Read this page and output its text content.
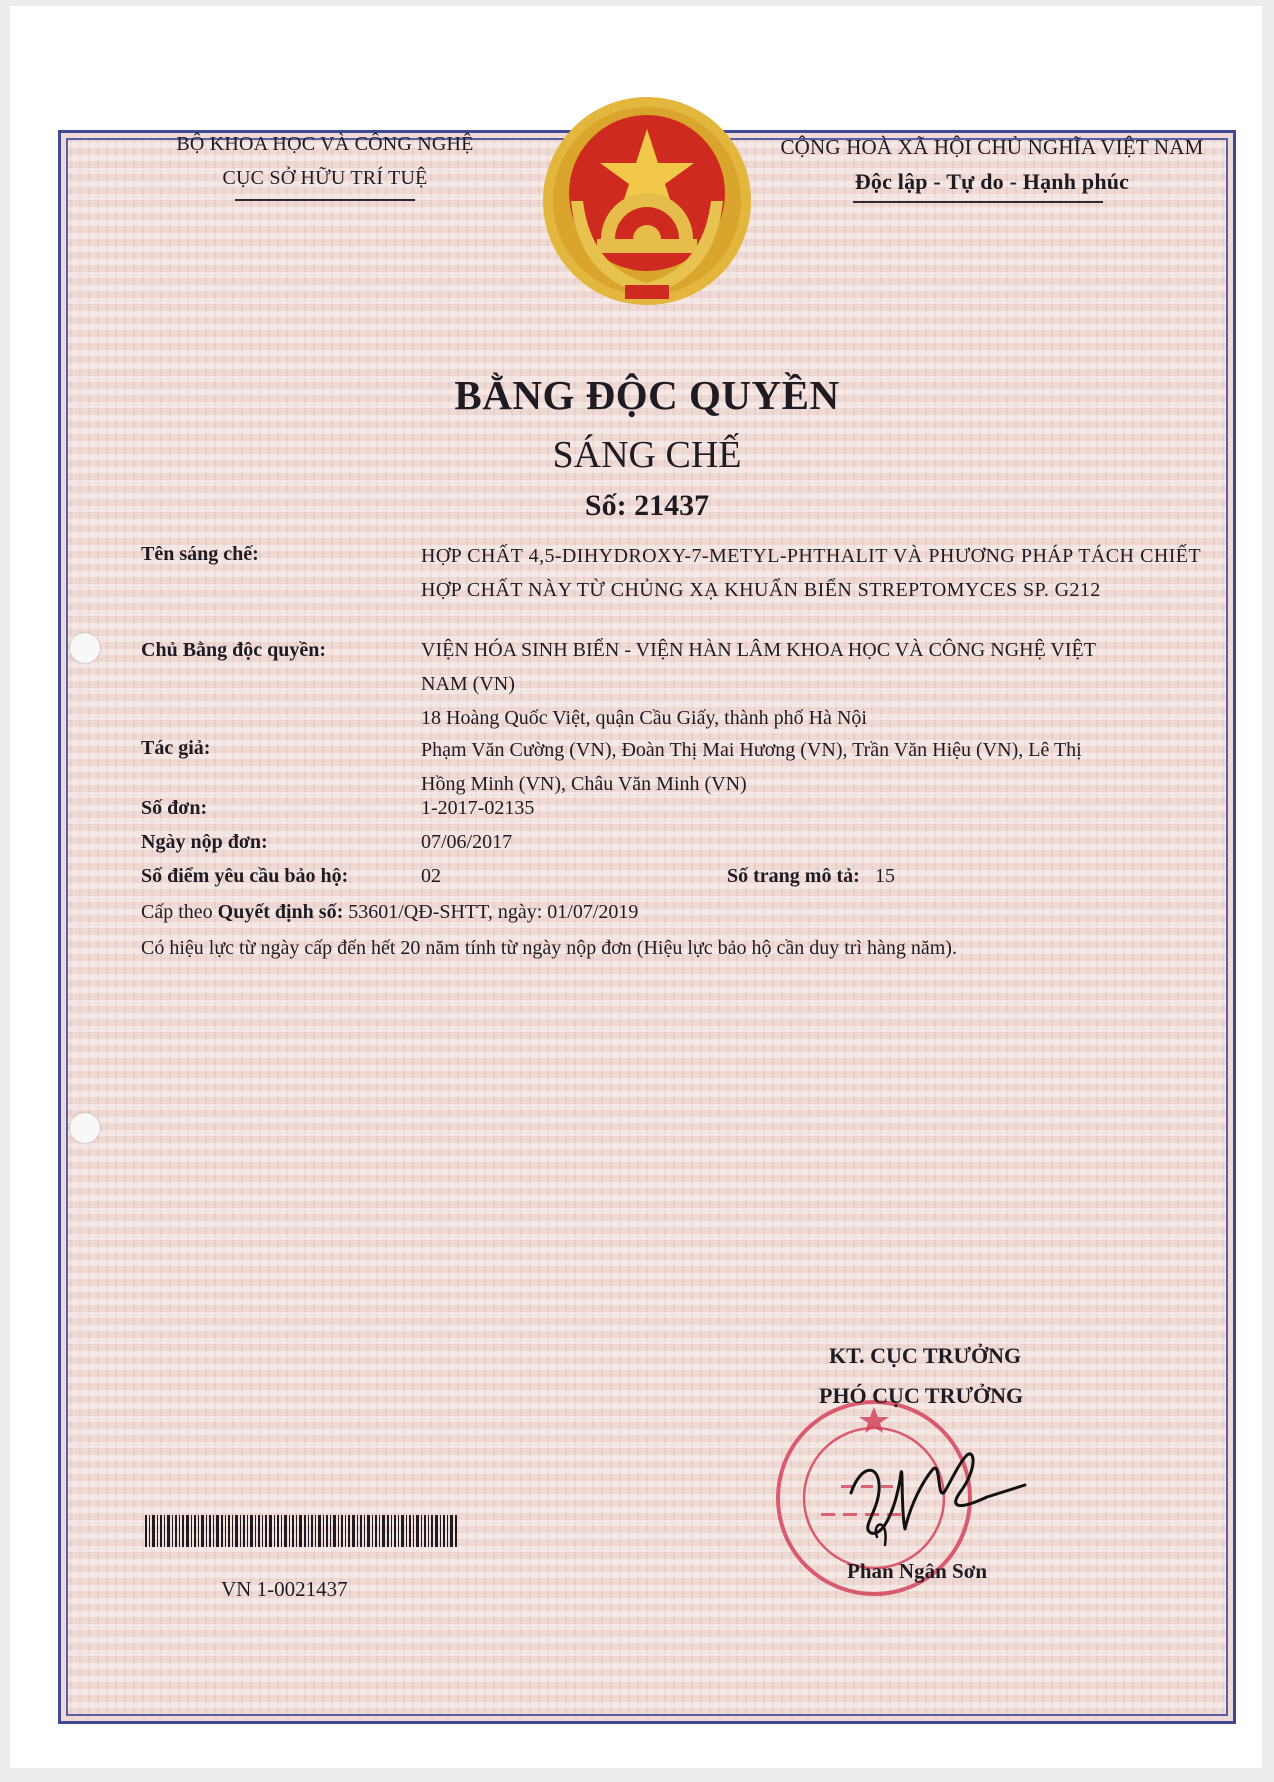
BỘ KHOA HỌC VÀ CÔNG NGHỆ
CỤC SỞ HỮU TRÍ TUỆ
CỘNG HOÀ XÃ HỘI CHỦ NGHĨA VIỆT NAM
Độc lập - Tự do - Hạnh phúc
BẰNG ĐỘC QUYỀN
SÁNG CHẾ
Số: 21437
Tên sáng chế:	HỢP CHẤT 4,5-DIHYDROXY-7-METYL-PHTHALIT VÀ PHƯƠNG PHÁP TÁCH CHIẾT HỢP CHẤT NÀY TỪ CHỦNG XẠ KHUẨN BIỂN STREPTOMYCES SP. G212
Chủ Bằng độc quyền:	VIỆN HÓA SINH BIỂN - VIỆN HÀN LÂM KHOA HỌC VÀ CÔNG NGHỆ VIỆT NAM (VN)
18 Hoàng Quốc Việt, quận Cầu Giấy, thành phố Hà Nội
Tác giả:	Phạm Văn Cường (VN), Đoàn Thị Mai Hương (VN), Trần Văn Hiệu (VN), Lê Thị Hồng Minh (VN), Châu Văn Minh (VN)
Số đơn:	1-2017-02135
Ngày nộp đơn:	07/06/2017
Số điểm yêu cầu bảo hộ:	02	Số trang mô tả: 15
Cấp theo Quyết định số: 53601/QĐ-SHTT, ngày: 01/07/2019
Có hiệu lực từ ngày cấp đến hết 20 năm tính từ ngày nộp đơn (Hiệu lực bảo hộ cần duy trì hàng năm).
VN 1-0021437
KT. CỤC TRƯỞNG
PHÓ CỤC TRƯỞNG
Phan Ngân Sơn
